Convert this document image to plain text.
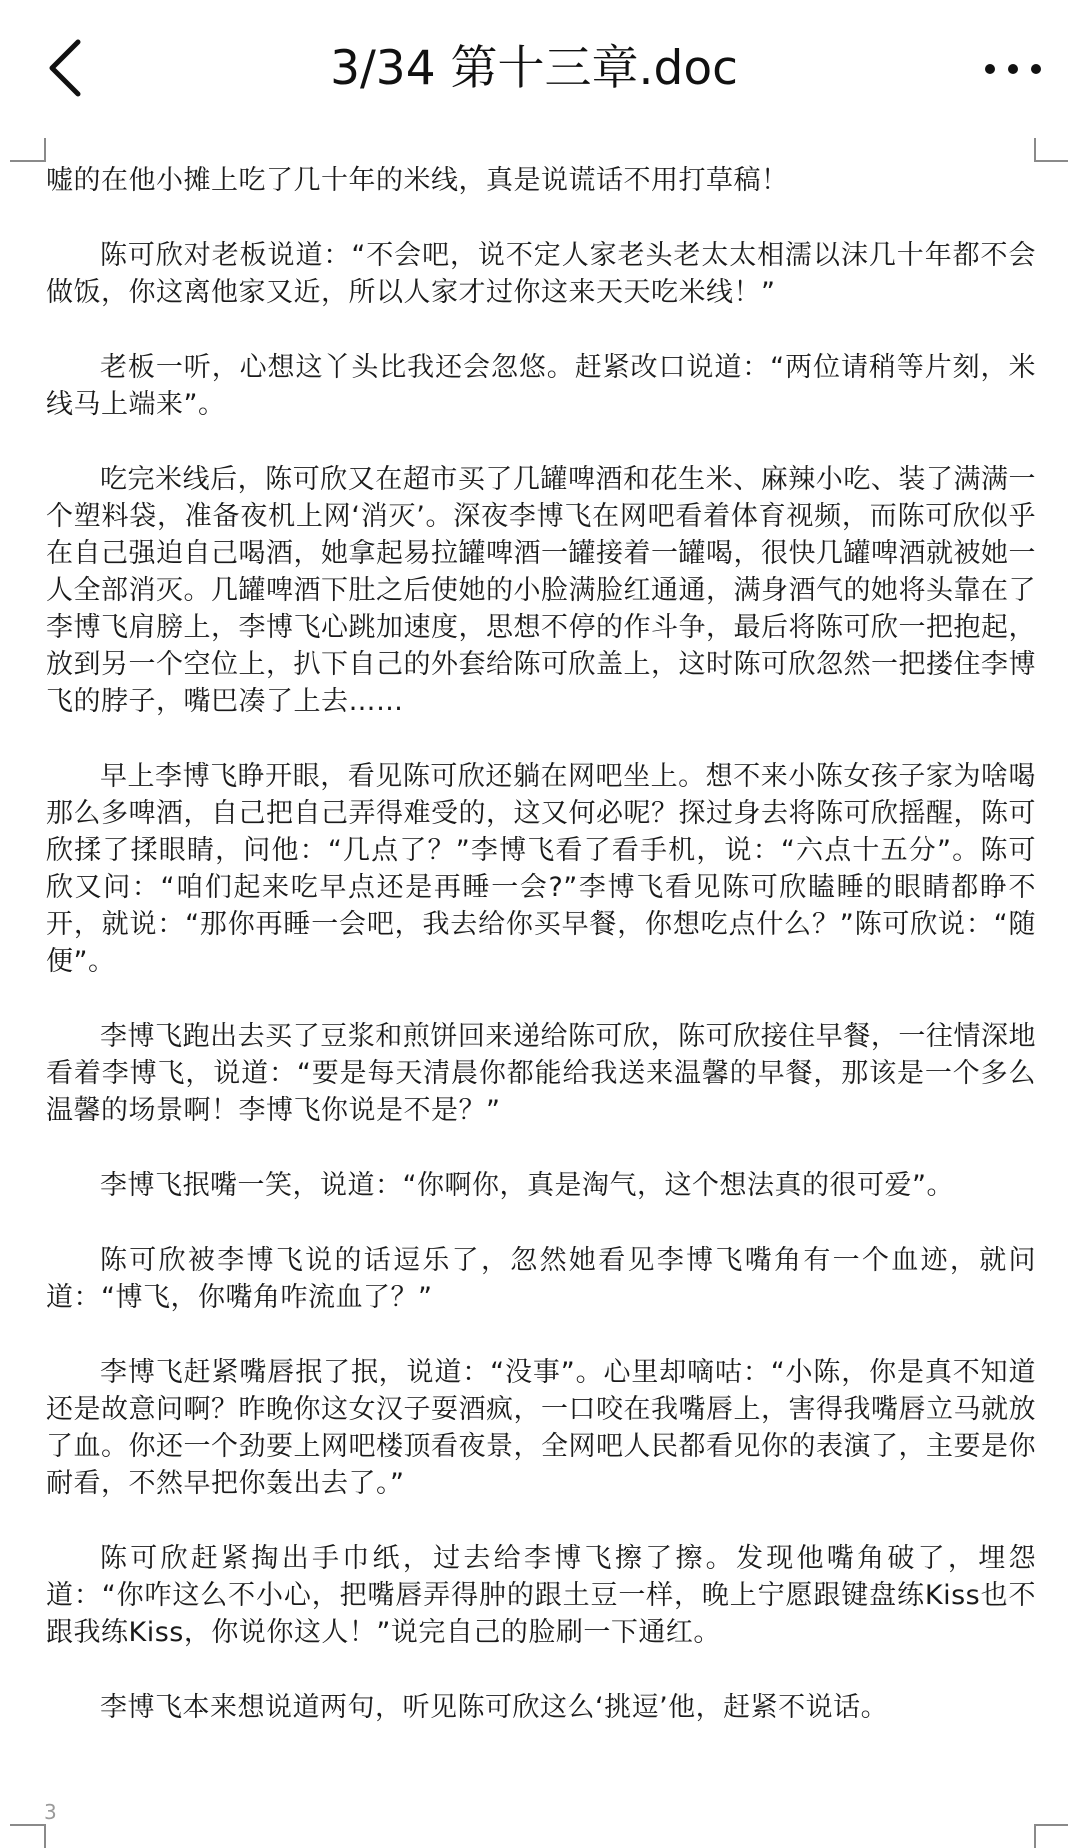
3/34 第十三章.doc

嘘的在他小摊上吃了几十年的米线，真是说谎话不用打草稿！

陈可欣对老板说道：“不会吧，说不定人家老头老太太相濡以沫几十年都不会做饭，你这离他家又近，所以人家才过你这来天天吃米线！”

老板一听，心想这丫头比我还会忽悠。赶紧改口说道：“两位请稍等片刻，米线马上端来”。

吃完米线后，陈可欣又在超市买了几罐啤酒和花生米、麻辣小吃、装了满满一个塑料袋，准备夜机上网‘消灭’。深夜李博飞在网吧看着体育视频，而陈可欣似乎在自己强迫自己喝酒，她拿起易拉罐啤酒一罐接着一罐喝，很快几罐啤酒就被她一人全部消灭。几罐啤酒下肚之后使她的小脸满脸红通通，满身酒气的她将头靠在了李博飞肩膀上，李博飞心跳加速度，思想不停的作斗争，最后将陈可欣一把抱起，放到另一个空位上，扒下自己的外套给陈可欣盖上，这时陈可欣忽然一把搂住李博飞的脖子，嘴巴凑了上去……

早上李博飞睁开眼，看见陈可欣还躺在网吧坐上。想不来小陈女孩子家为啥喝那么多啤酒，自己把自己弄得难受的，这又何必呢？探过身去将陈可欣摇醒，陈可欣揉了揉眼睛，问他：“几点了？”李博飞看了看手机，说：“六点十五分”。陈可欣又问：“咱们起来吃早点还是再睡一会?”李博飞看见陈可欣瞌睡的眼睛都睁不开，就说：“那你再睡一会吧，我去给你买早餐，你想吃点什么？”陈可欣说：“随便”。

李博飞跑出去买了豆浆和煎饼回来递给陈可欣，陈可欣接住早餐，一往情深地看着李博飞，说道：“要是每天清晨你都能给我送来温馨的早餐，那该是一个多么温馨的场景啊！李博飞你说是不是？”

李博飞抿嘴一笑，说道：“你啊你，真是淘气，这个想法真的很可爱”。

陈可欣被李博飞说的话逗乐了，忽然她看见李博飞嘴角有一个血迹，就问道：“博飞，你嘴角咋流血了？”

李博飞赶紧嘴唇抿了抿，说道：“没事”。心里却嘀咕：“小陈，你是真不知道还是故意问啊？昨晚你这女汉子耍酒疯，一口咬在我嘴唇上，害得我嘴唇立马就放了血。你还一个劲要上网吧楼顶看夜景，全网吧人民都看见你的表演了，主要是你耐看，不然早把你轰出去了。”

陈可欣赶紧掏出手巾纸，过去给李博飞擦了擦。发现他嘴角破了，埋怨道：“你咋这么不小心，把嘴唇弄得肿的跟土豆一样，晚上宁愿跟键盘练Kiss也不跟我练Kiss，你说你这人！”说完自己的脸刷一下通红。

李博飞本来想说道两句，听见陈可欣这么‘挑逗’他，赶紧不说话。

3
